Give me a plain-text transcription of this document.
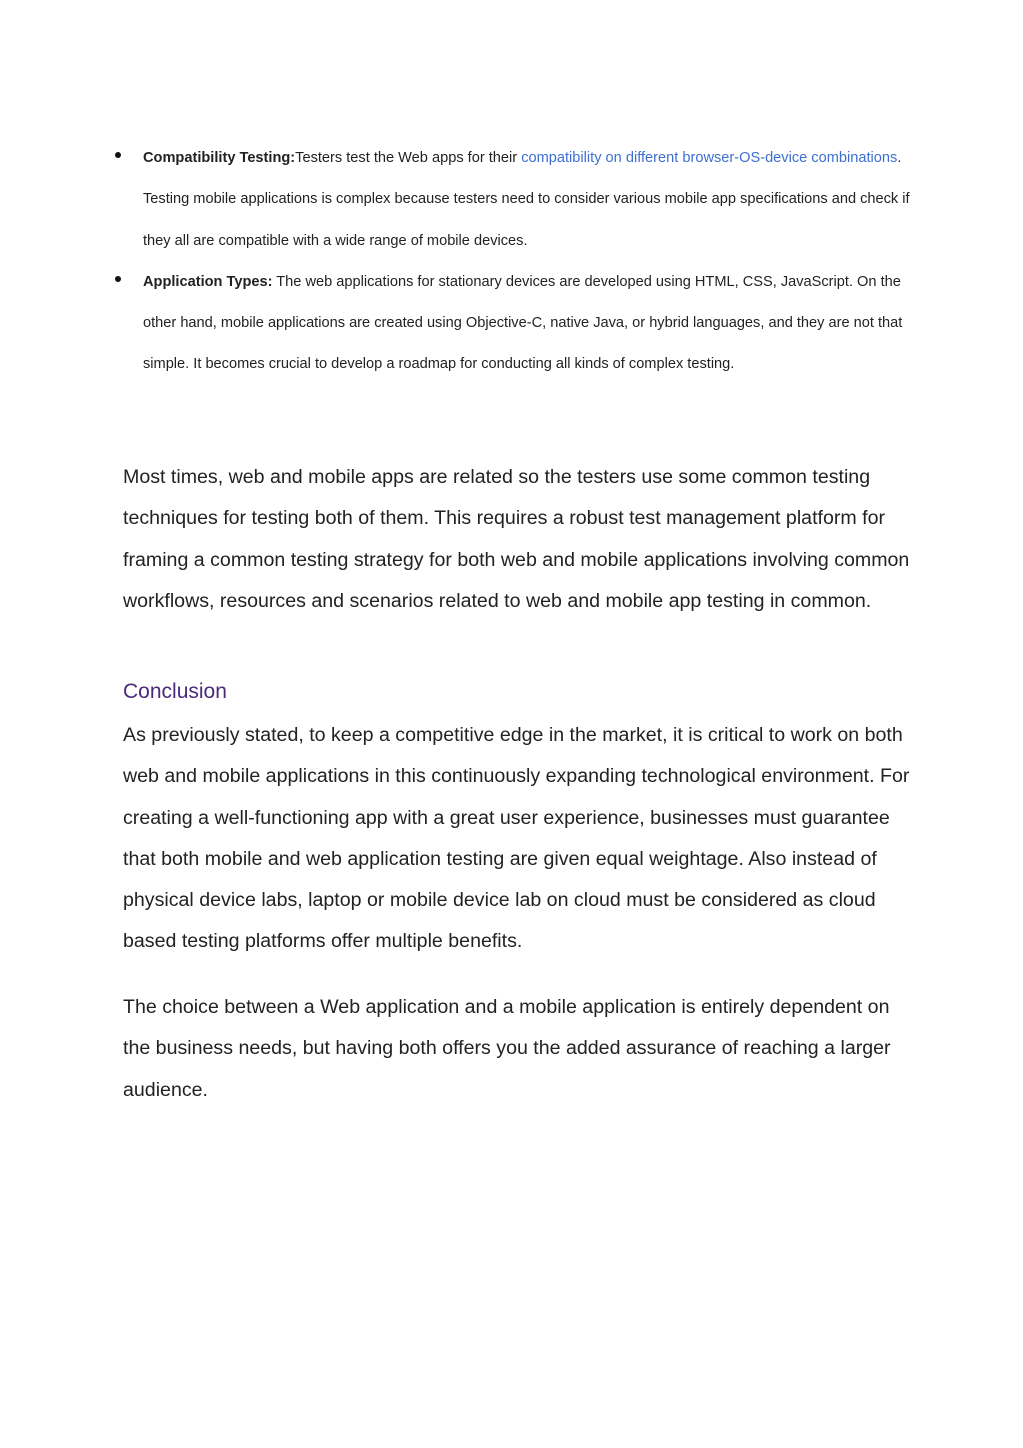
Compatibility Testing:Testers test the Web apps for their compatibility on different browser-OS-device combinations. Testing mobile applications is complex because testers need to consider various mobile app specifications and check if they all are compatible with a wide range of mobile devices.
Application Types: The web applications for stationary devices are developed using HTML, CSS, JavaScript. On the other hand, mobile applications are created using Objective-C, native Java, or hybrid languages, and they are not that simple. It becomes crucial to develop a roadmap for conducting all kinds of complex testing.

Most times, web and mobile apps are related so the testers use some common testing techniques for testing both of them. This requires a robust test management platform for framing a common testing strategy for both web and mobile applications involving common workflows, resources and scenarios related to web and mobile app testing in common.

Conclusion

As previously stated, to keep a competitive edge in the market, it is critical to work on both web and mobile applications in this continuously expanding technological environment. For creating a well-functioning app with a great user experience, businesses must guarantee that both mobile and web application testing are given equal weightage. Also instead of physical device labs, laptop or mobile device lab on cloud must be considered as cloud based testing platforms offer multiple benefits.

The choice between a Web application and a mobile application is entirely dependent on the business needs, but having both offers you the added assurance of reaching a larger audience.
